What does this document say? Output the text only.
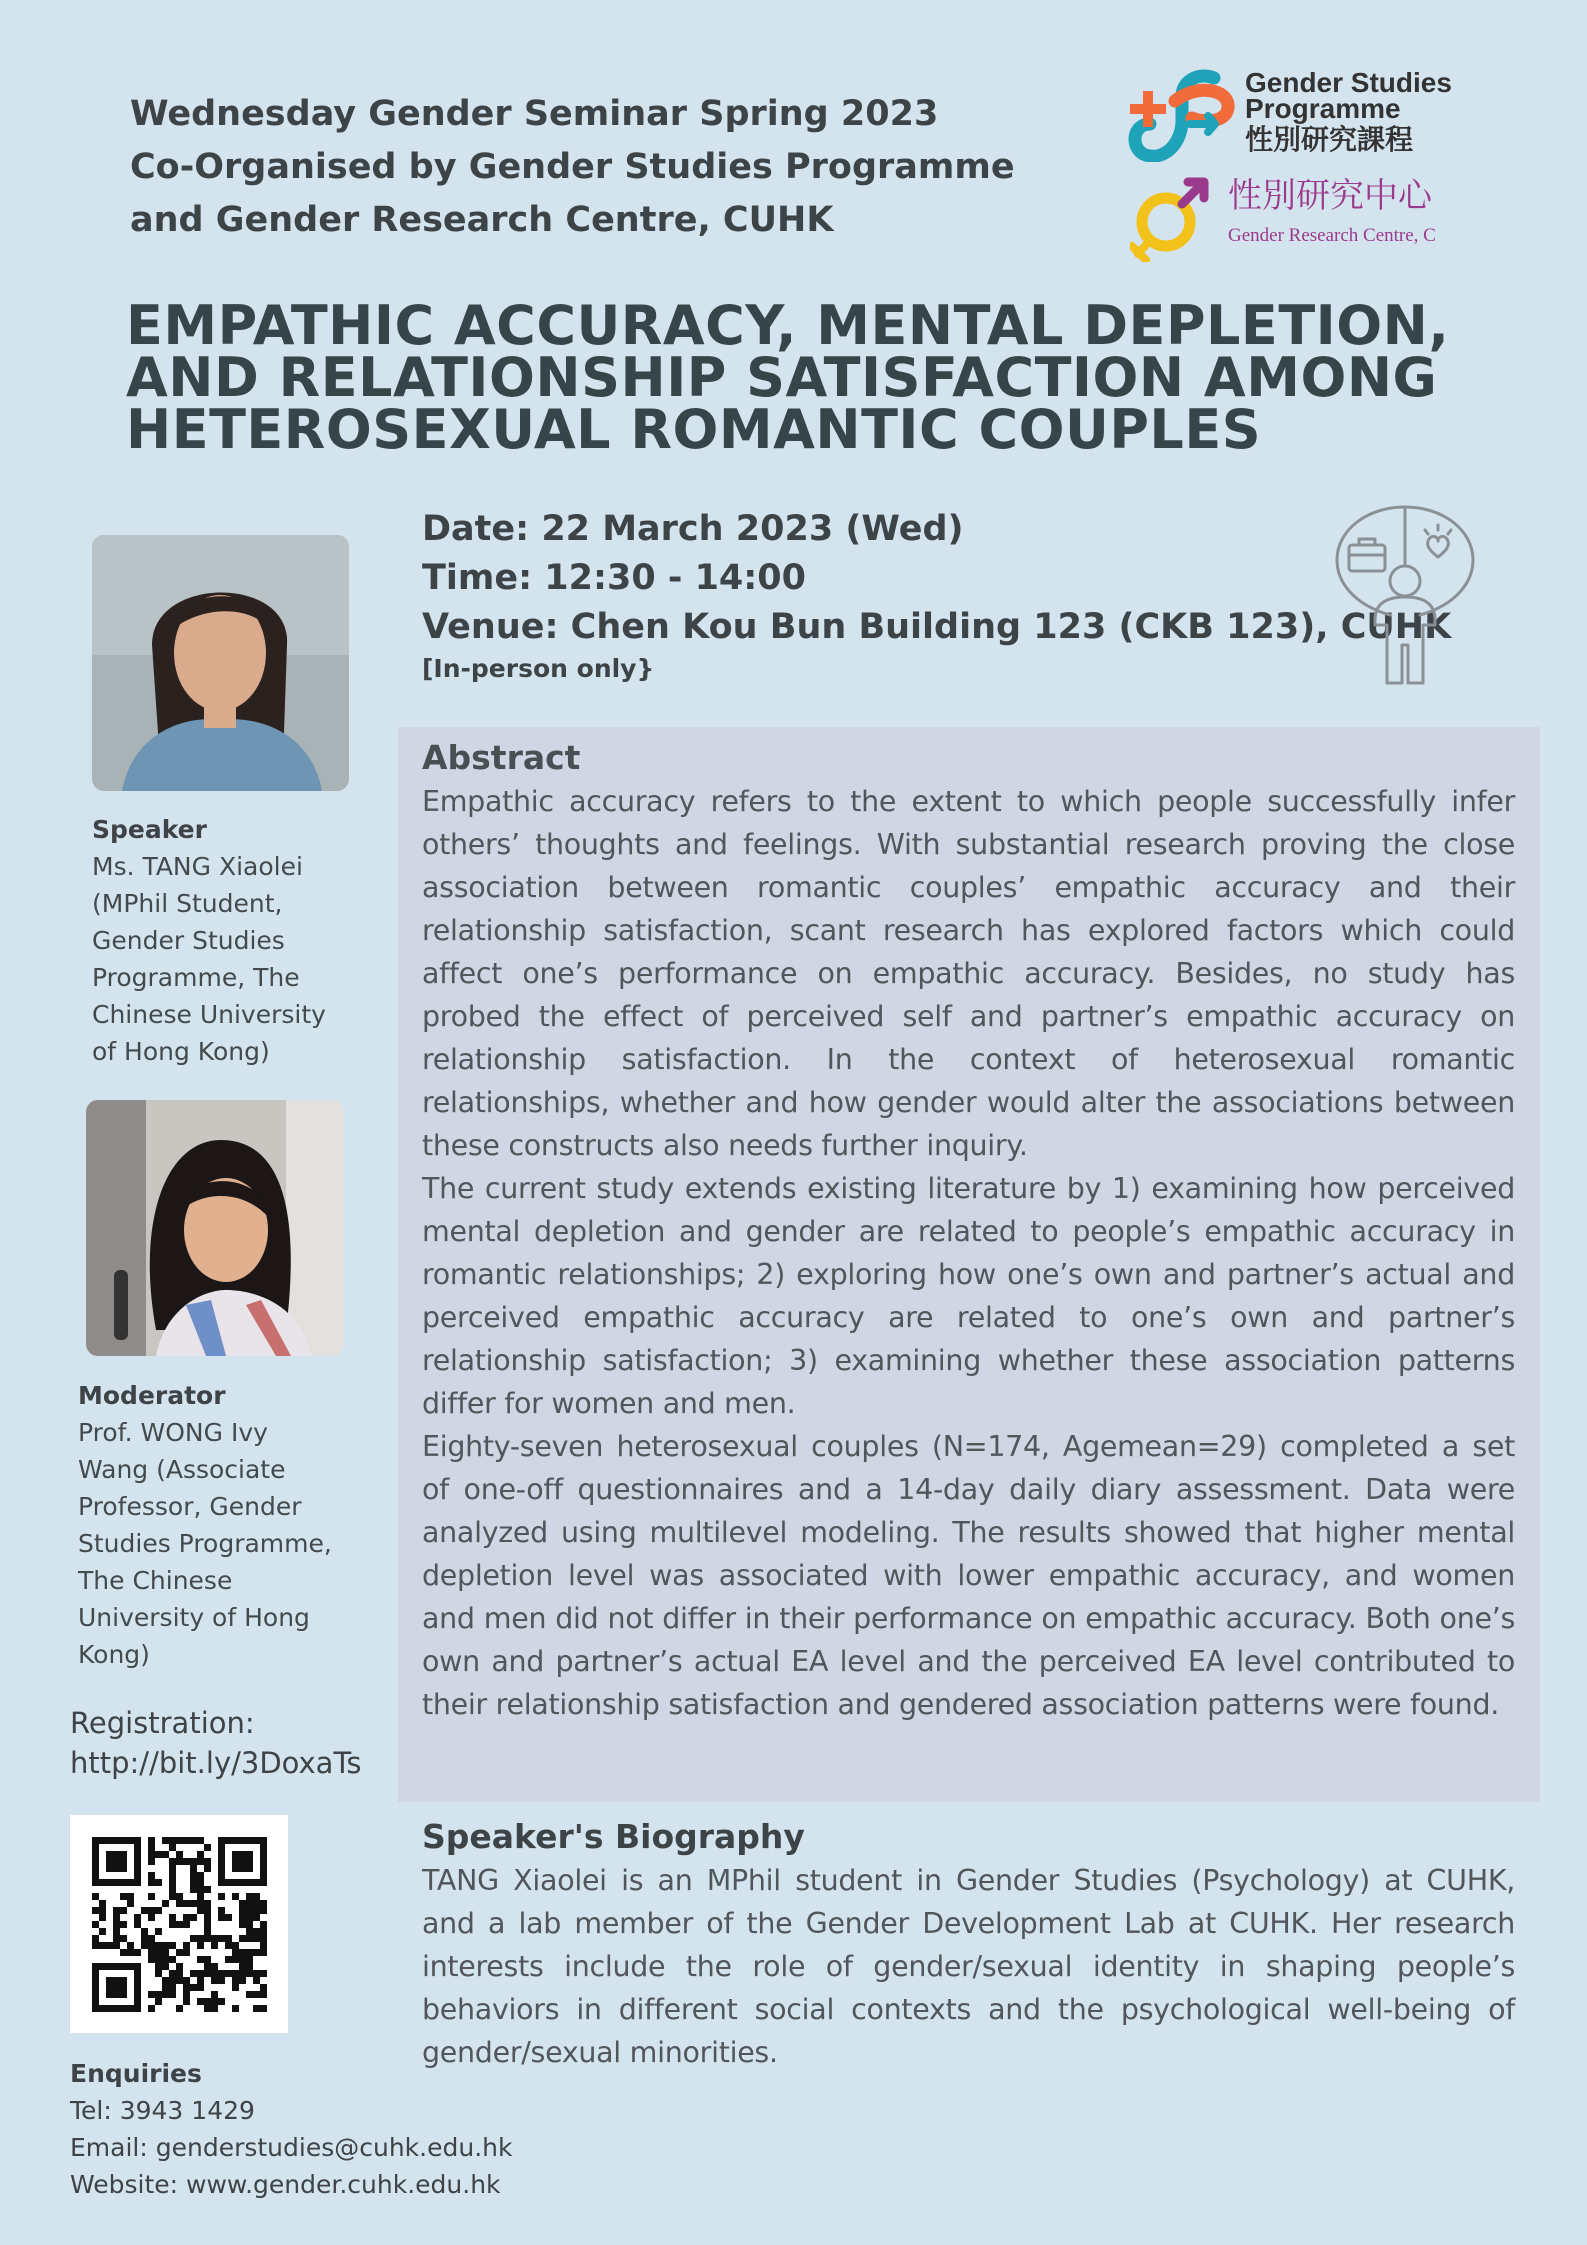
Wednesday Gender Seminar Spring 2023
Co-Organised by Gender Studies Programme
and Gender Research Centre, CUHK
Gender Studies
Programme
性別研究課程
性別研究中心
Gender Research Centre, C
EMPATHIC ACCURACY, MENTAL DEPLETION,
AND RELATIONSHIP SATISFACTION AMONG
HETEROSEXUAL ROMANTIC COUPLES
Speaker
Ms. TANG Xiaolei
(MPhil Student,
Gender Studies
Programme, The
Chinese University
of Hong Kong)
Moderator
Prof. WONG Ivy
Wang (Associate
Professor, Gender
Studies Programme,
The Chinese
University of Hong
Kong)
Registration:
http://bit.ly/3DoxaTs
Enquiries
Tel: 3943 1429
Email: genderstudies@cuhk.edu.hk
Website: www.gender.cuhk.edu.hk
Date: 22 March 2023 (Wed)
Time: 12:30 - 14:00
Venue: Chen Kou Bun Building 123 (CKB 123), CUHK
[In-person only}
Abstract

Empathic accuracy refers to the extent to which people successfully infer others’ thoughts and feelings. With substantial research proving the close association between romantic couples’ empathic accuracy and their relationship satisfaction, scant research has explored factors which could affect one’s performance on empathic accuracy. Besides, no study has probed the effect of perceived self and partner’s empathic accuracy on relationship satisfaction. In the context of heterosexual romantic relationships, whether and how gender would alter the associations between these constructs also needs further inquiry.

The current study extends existing literature by 1) examining how perceived mental depletion and gender are related to people’s empathic accuracy in romantic relationships; 2) exploring how one’s own and partner’s actual and perceived empathic accuracy are related to one’s own and partner’s relationship satisfaction; 3) examining whether these association patterns differ for women and men.

Eighty-seven heterosexual couples (N=174, Agemean=29) completed a set of one-off questionnaires and a 14-day daily diary assessment. Data were analyzed using multilevel modeling. The results showed that higher mental depletion level was associated with lower empathic accuracy, and women and men did not differ in their performance on empathic accuracy. Both one’s own and partner’s actual EA level and the perceived EA level contributed to their relationship satisfaction and gendered association patterns were found.

Speaker's Biography

TANG Xiaolei is an MPhil student in Gender Studies (Psychology) at CUHK, and a lab member of the Gender Development Lab at CUHK. Her research interests include the role of gender/sexual identity in shaping people’s behaviors in different social contexts and the psychological well-being of gender/sexual minorities.
